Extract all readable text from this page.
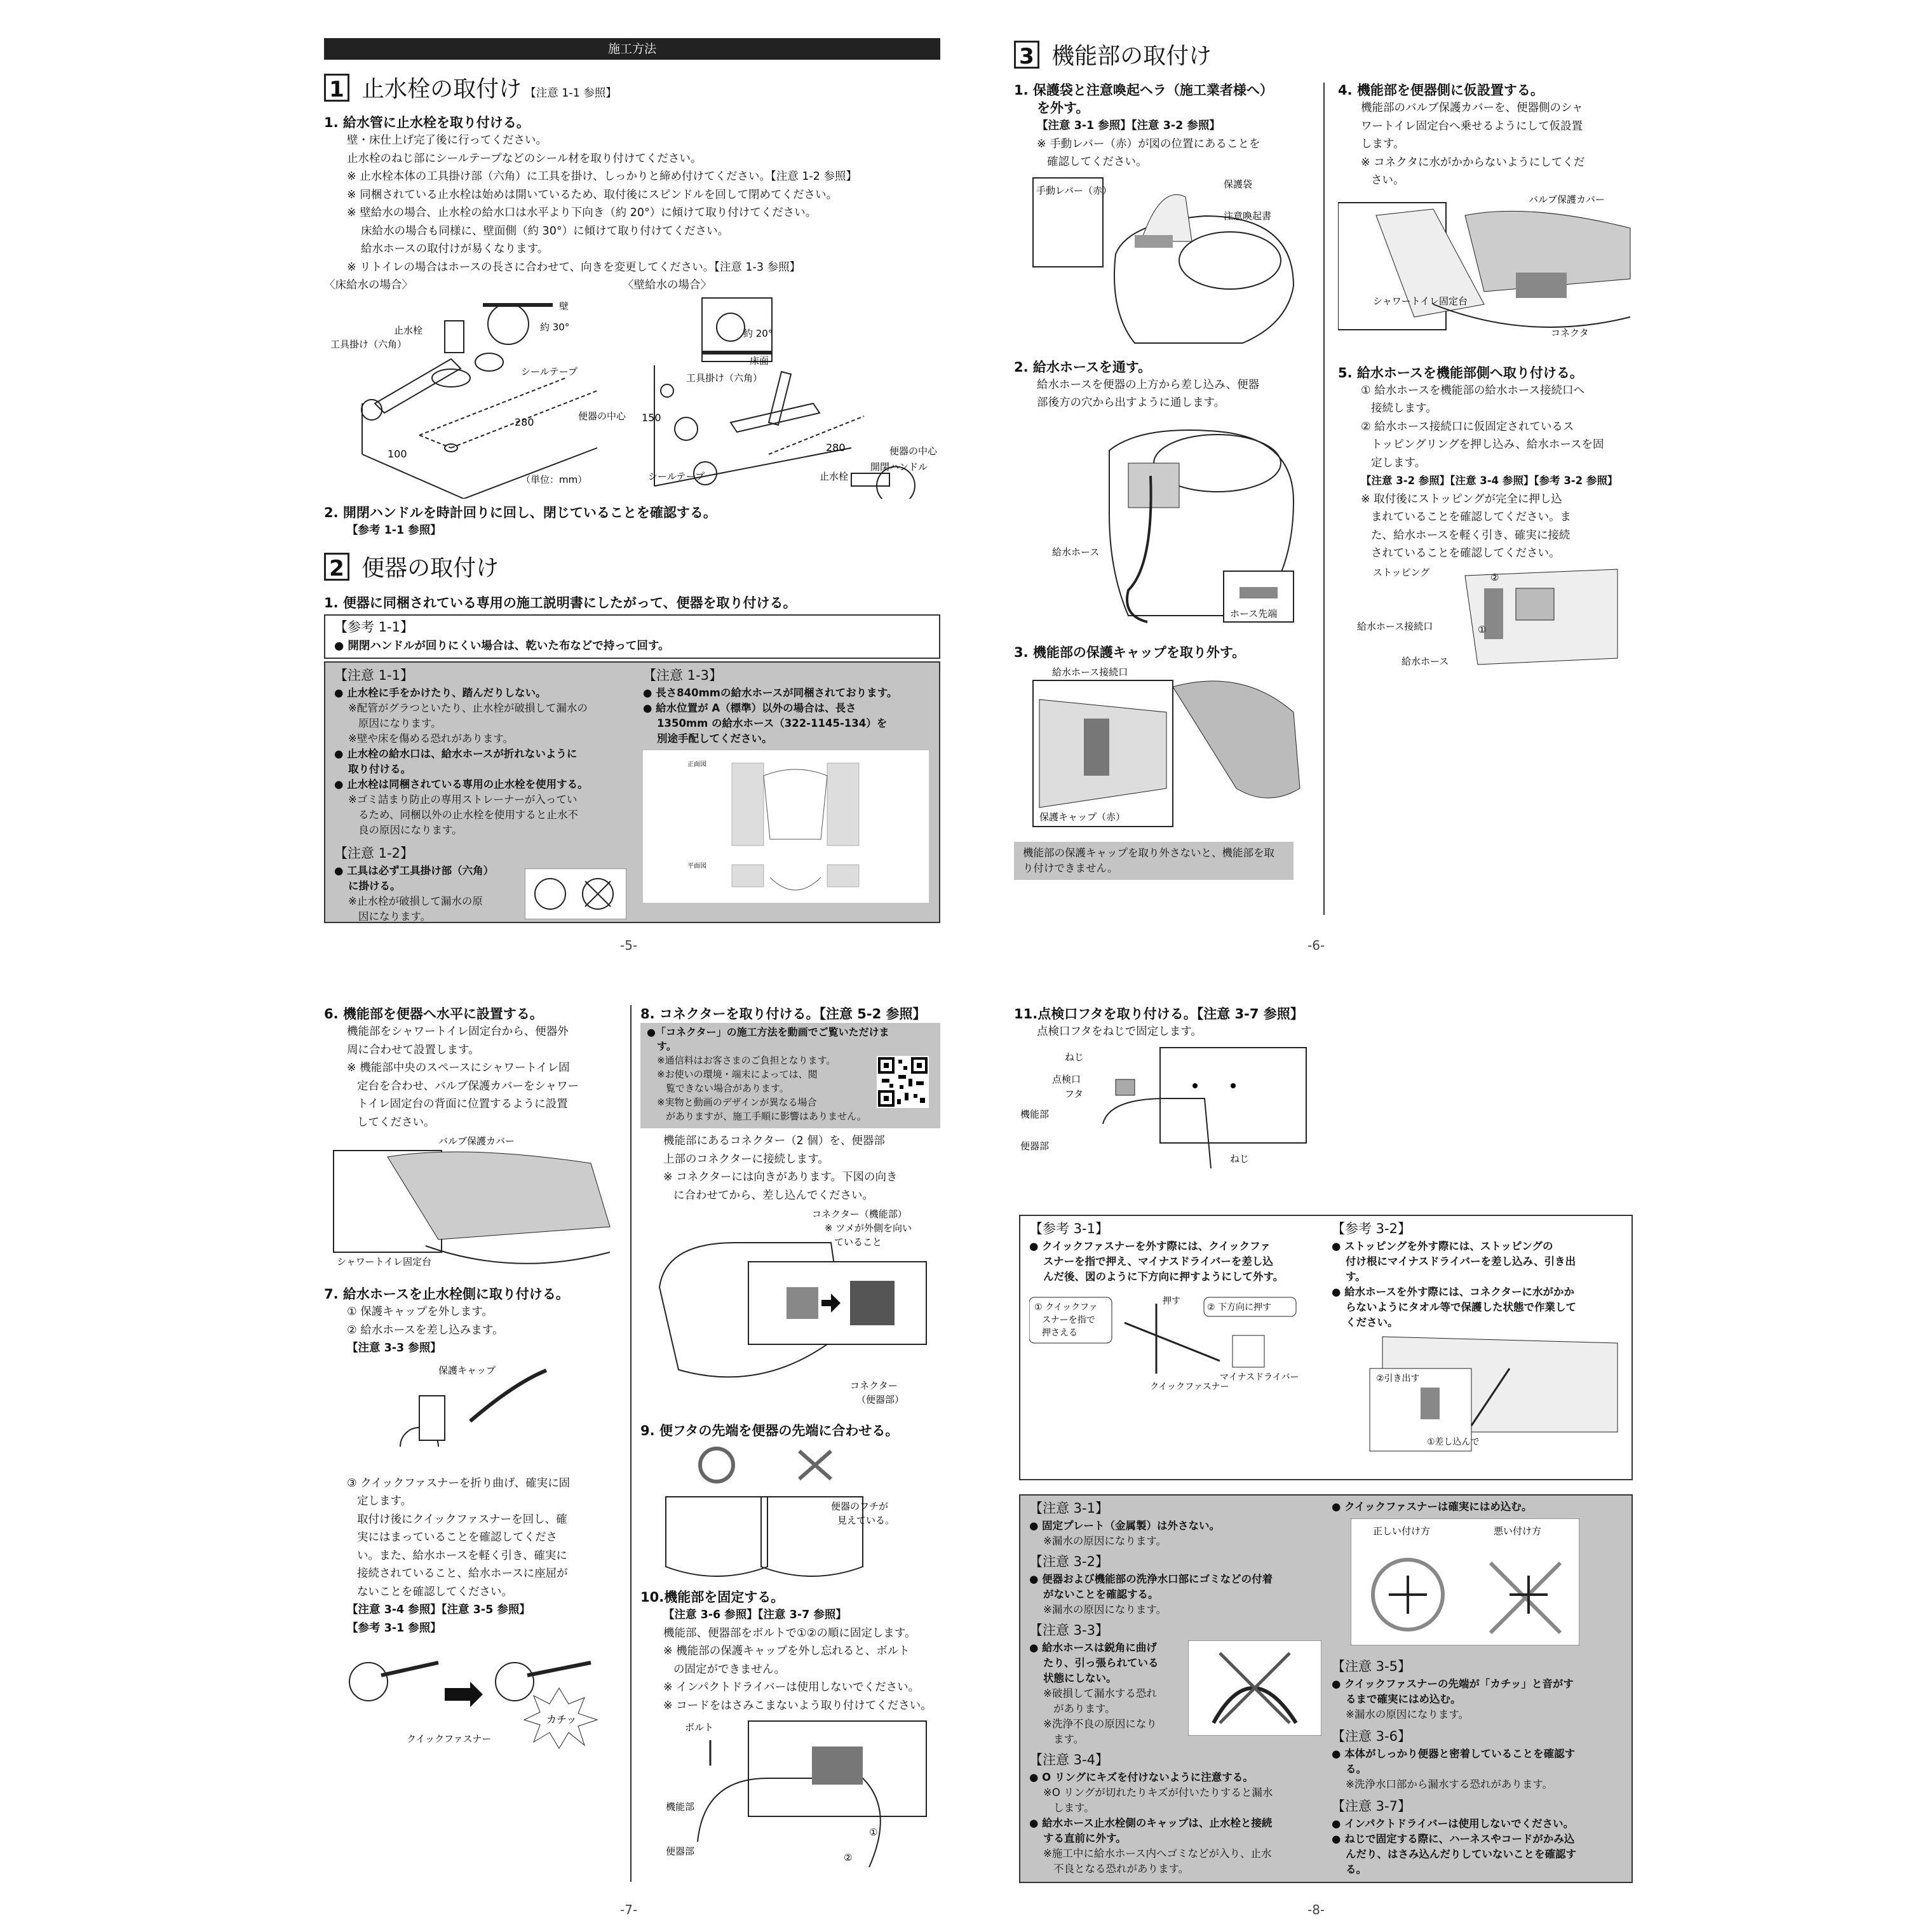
施工方法
1 止水栓の取付け 【注意 1-1 参照】

1. 給水管に止水栓を取り付ける。

壁・床仕上げ完了後に行ってください。

止水栓のねじ部にシールテープなどのシール材を取り付けてください。

※ 止水栓本体の工具掛け部（六角）に工具を掛け、しっかりと締め付けてください。【注意 1-2 参照】

※ 同梱されている止水栓は始めは開いているため、取付後にスピンドルを回して閉めてください。

※ 壁給水の場合、止水栓の給水口は水平より下向き（約 20°）に傾けて取り付けてください。

床給水の場合も同様に、壁面側（約 30°）に傾けて取り付けてください。

給水ホースの取付けが易くなります。

※ リトイレの場合はホースの長さに合わせて、向きを変更してください。【注意 1-3 参照】

〈床給水の場合〉	〈壁給水の場合〉
壁
約 30°
止水栓
工具掛け（六角）
シールテープ
280
100
便器の中心
（単位：mm）
約 20°
床面
工具掛け（六角）
150
280	便器の中心
シールテープ	止水栓
開閉ハンドル

2. 開閉ハンドルを時計回りに回し、閉じていることを確認する。

【参考 1-1 参照】

2 便器の取付け

1. 便器に同梱されている専用の施工説明書にしたがって、便器を取り付ける。

【参考 1-1】

● 開閉ハンドルが回りにくい場合は、乾いた布などで持って回す。

【注意 1-1】

● 止水栓に手をかけたり、踏んだりしない。
※配管がグラつといたり、止水栓が破損して漏水の
原因になります。
※壁や床を傷める恐れがあります。
● 止水栓の給水口は、給水ホースが折れないように
取り付ける。
● 止水栓は同梱されている専用の止水栓を使用する。
※ゴミ詰まり防止の専用ストレーナーが入ってい
るため、同梱以外の止水栓を使用すると止水不
良の原因になります。

【注意 1-2】

● 工具は必ず工具掛け部（六角）
に掛ける。
※止水栓が破損して漏水の原
因になります。

【注意 1-3】

● 長さ840mmの給水ホースが同梱されております。
● 給水位置が A（標準）以外の場合は、長さ
1350mm の給水ホース（322-1145-134）を
別途手配してください。
正面図
平面図
-5-
3 機能部の取付け

1. 保護袋と注意喚起ヘラ（施工業者様へ）

を外す。

【注意 3-1 参照】【注意 3-2 参照】

※ 手動レバー（赤）が図の位置にあることを

確認してください。

手動レバー（赤）
保護袋
注意喚起書

2. 給水ホースを通す。

給水ホースを便器の上方から差し込み、便器

部後方の穴から出すように通します。

給水ホース
ホース先端

3. 機能部の保護キャップを取り外す。

給水ホース接続口
保護キャップ（赤）
機能部の保護キャップを取り外さないと、機能部を取り付けできません。

4. 機能部を便器側に仮設置する。

機能部のバルブ保護カバーを、便器側のシャ

ワートイレ固定台へ乗せるようにして仮設置

します。

※ コネクタに水がかからないようにしてくだ

さい。

バルブ保護カバー
シャワートイレ固定台
コネクタ

5. 給水ホースを機能部側へ取り付ける。

① 給水ホースを機能部の給水ホース接続口へ

接続します。

② 給水ホース接続口に仮固定されているス

トッピングリングを押し込み、給水ホースを固

定します。

【注意 3-2 参照】【注意 3-4 参照】【参考 3-2 参照】

※ 取付後にストッピングが完全に押し込

まれていることを確認してください。ま

た、給水ホースを軽く引き、確実に接続

されていることを確認してください。

ストッピング	②
給水ホース接続口	①
給水ホース
-6-

6. 機能部を便器へ水平に設置する。

機能部をシャワートイレ固定台から、便器外

周に合わせて設置します。

※ 機能部中央のスペースにシャワートイレ固

定台を合わせ、バルブ保護カバーをシャワー

トイレ固定台の背面に位置するように設置

してください。

バルブ保護カバー
シャワートイレ固定台

7. 給水ホースを止水栓側に取り付ける。

① 保護キャップを外します。

② 給水ホースを差し込みます。

【注意 3-3 参照】

保護キャップ

③ クイックファスナーを折り曲げ、確実に固

定します。

取付け後にクイックファスナーを回し、確

実にはまっていることを確認してくださ

い。また、給水ホースを軽く引き、確実に

接続されていること、給水ホースに座屈が

ないことを確認してください。

【注意 3-4 参照】【注意 3-5 参照】

【参考 3-1 参照】

カチッ
クイックファスナー

8. コネクターを取り付ける。【注意 5-2 参照】

●「コネクター」の施工方法を動画でご覧いただけま
す。
※通信料はお客さまのご負担となります。
※お使いの環境・端末によっては、閲
覧できない場合があります。
※実物と動画のデザインが異なる場合
がありますが、施工手順に影響はありません。

機能部にあるコネクター（2 個）を、便器部

上部のコネクターに接続します。

※ コネクターには向きがあります。下図の向き

に合わせてから、差し込んでください。

コネクター（機能部）
※ ツメが外側を向い
ていること
コネクター
（便器部）

9. 便フタの先端を便器の先端に合わせる。

便器のフチが
見えている。
○	×

10.機能部を固定する。

【注意 3-6 参照】【注意 3-7 参照】

機能部、便器部をボルトで①②の順に固定します。

※ 機能部の保護キャップを外し忘れると、ボルト

の固定ができません。

※ インパクトドライバーは使用しないでください。

※ コードをはさみこまないよう取り付けてください。

ボルト
機能部
便器部
①
②
-7-

11.点検口フタを取り付ける。【注意 3-7 参照】

点検口フタをねじで固定します。

ねじ
点検口
フタ
機能部
便器部
ねじ

【参考 3-1】

● クイックファスナーを外す際には、クイックファ
スナーを指で押え、マイナスドライバーを差し込
んだ後、図のように下方向に押すようにして外す。
① クイックファ
スナーを指で
押さえる
押す
② 下方向に押す
マイナスドライバー
クイックファスナー

【参考 3-2】

● ストッピングを外す際には、ストッピングの
付け根にマイナスドライバーを差し込み、引き出
す。
● 給水ホースを外す際には、コネクターに水がかか
らないようにタオル等で保護した状態で作業して
ください。
②引き出す
①差し込んで

【注意 3-1】

● 固定プレート（金属製）は外さない。
※漏水の原因になります。

【注意 3-2】

● 便器および機能部の洗浄水口部にゴミなどの付着
がないことを確認する。
※漏水の原因になります。

【注意 3-3】

● 給水ホースは鋭角に曲げ
たり、引っ張られている
状態にしない。
※破損して漏水する恐れ
があります。
※洗浄不良の原因になり
ます。

【注意 3-4】

● O リングにキズを付けないように注意する。
※O リングが切れたりキズが付いたりすると漏水
します。
● 給水ホース止水栓側のキャップは、止水栓と接続
する直前に外す。
※施工中に給水ホース内へゴミなどが入り、止水
不良となる恐れがあります。
● クイックファスナーは確実にはめ込む。
正しい付け方	悪い付け方

【注意 3-5】

● クイックファスナーの先端が「カチッ」と音がす
るまで確実にはめ込む。
※漏水の原因になります。

【注意 3-6】

● 本体がしっかり便器と密着していることを確認す
る。
※洗浄水口部から漏水する恐れがあります。

【注意 3-7】

● インパクトドライバーは使用しないでください。
● ねじで固定する際に、ハーネスやコードがかみ込
んだり、はさみ込んだりしていないことを確認す
る。
-8-
